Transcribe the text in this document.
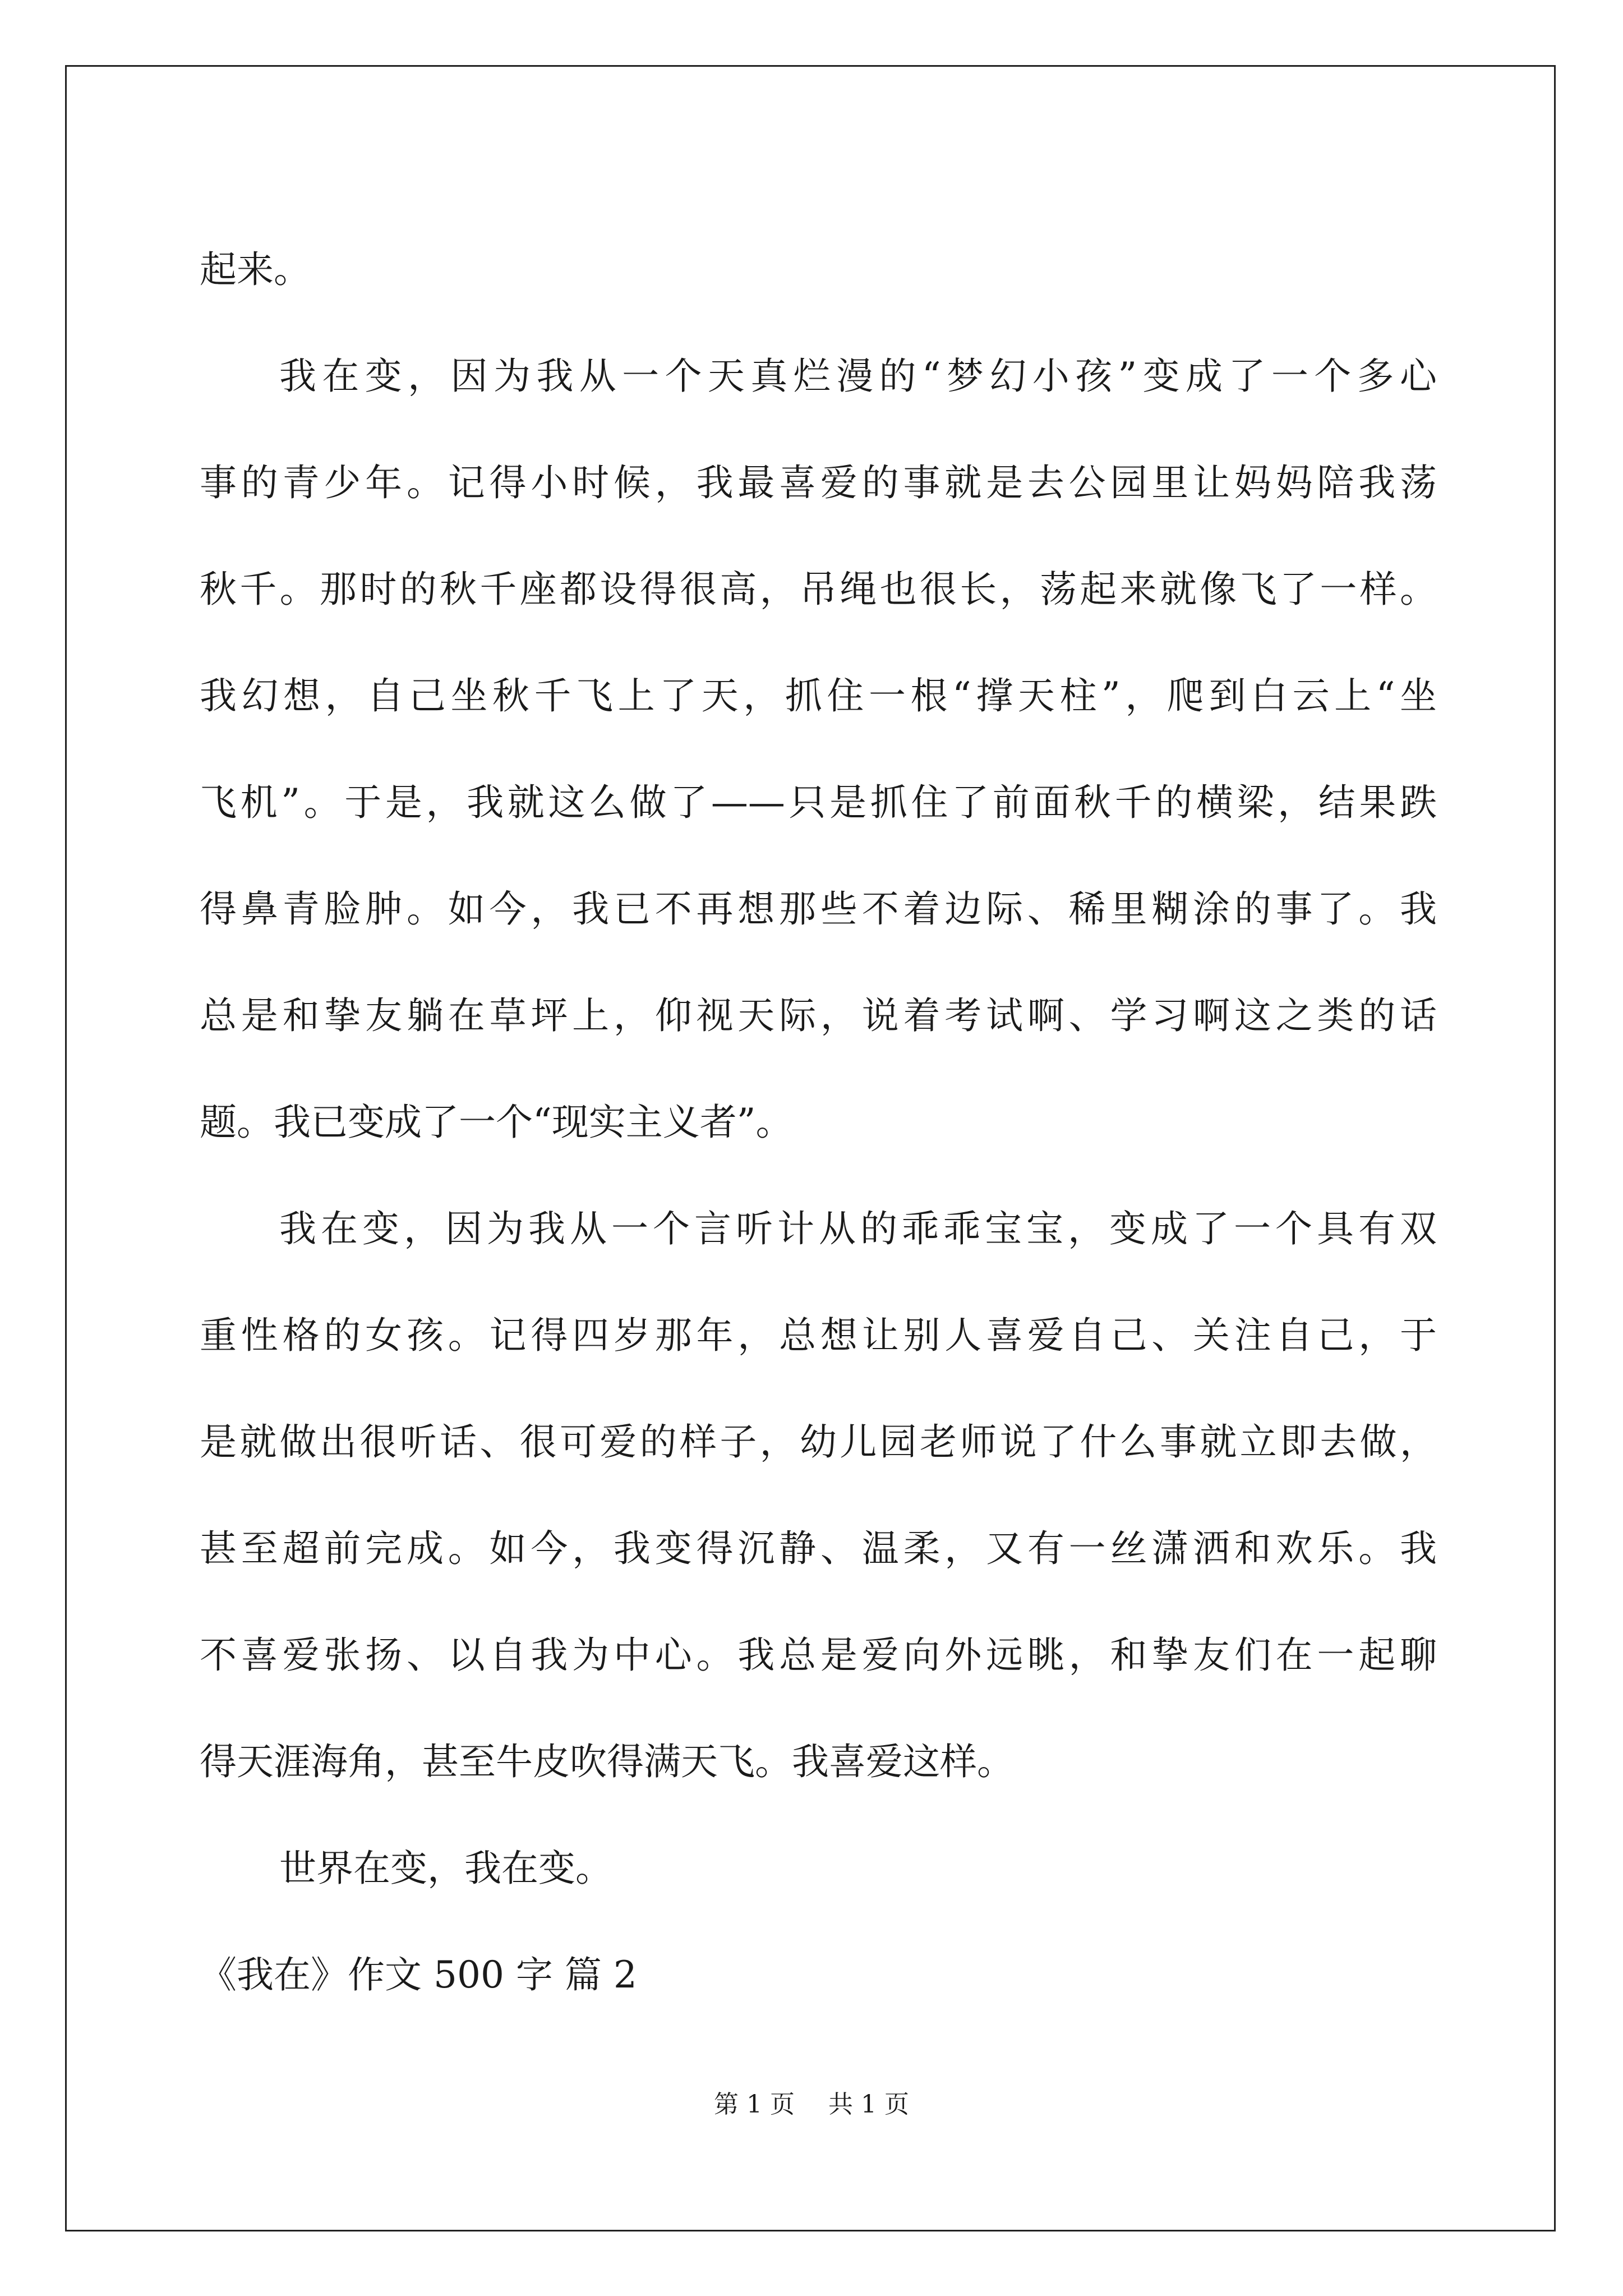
起来。
我在变，因为我从一个天真烂漫的“梦幻小孩”变成了一个多心
事的青少年。记得小时候，我最喜爱的事就是去公园里让妈妈陪我荡
秋千。那时的秋千座都设得很高，吊绳也很长，荡起来就像飞了一样。
我幻想，自己坐秋千飞上了天，抓住一根“撑天柱”，爬到白云上“坐
飞机”。于是，我就这么做了——只是抓住了前面秋千的横梁，结果跌
得鼻青脸肿。如今，我已不再想那些不着边际、稀里糊涂的事了。我
总是和挚友躺在草坪上，仰视天际，说着考试啊、学习啊这之类的话
题。我已变成了一个“现实主义者”。
我在变，因为我从一个言听计从的乖乖宝宝，变成了一个具有双
重性格的女孩。记得四岁那年，总想让别人喜爱自己、关注自己，于
是就做出很听话、很可爱的样子，幼儿园老师说了什么事就立即去做，
甚至超前完成。如今，我变得沉静、温柔，又有一丝潇洒和欢乐。我
不喜爱张扬、以自我为中心。我总是爱向外远眺，和挚友们在一起聊
得天涯海角，甚至牛皮吹得满天飞。我喜爱这样。
世界在变，我在变。
《我在》作文 500 字 篇 2
第 1 页 共 1 页
